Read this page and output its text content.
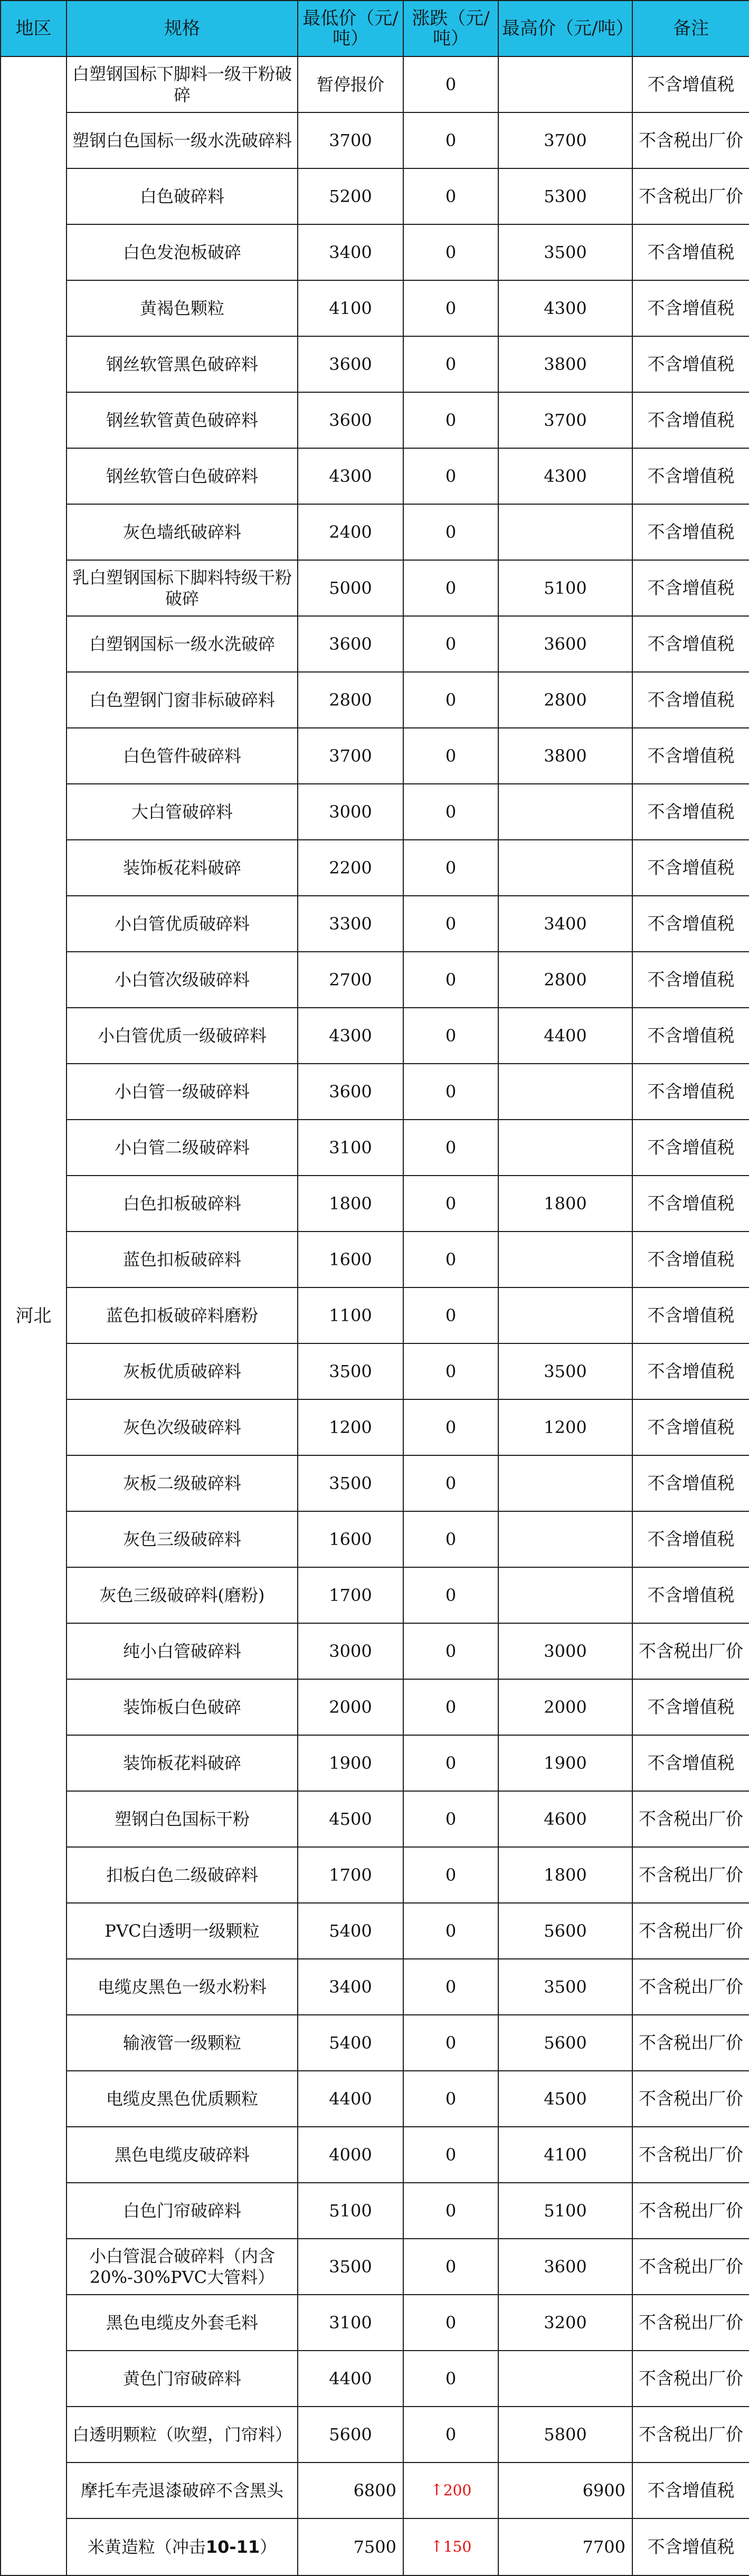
地区	规格	最低价（元/吨）	涨跌（元/吨）	最高价（元/吨）	备注
河北	白塑钢国标下脚料一级干粉破碎	暂停报价	0		不含增值税
	塑钢白色国标一级水洗破碎料	3700	0	3700	不含税出厂价
	白色破碎料	5200	0	5300	不含税出厂价
	白色发泡板破碎	3400	0	3500	不含增值税
	黄褐色颗粒	4100	0	4300	不含增值税
	钢丝软管黑色破碎料	3600	0	3800	不含增值税
	钢丝软管黄色破碎料	3600	0	3700	不含增值税
	钢丝软管白色破碎料	4300	0	4300	不含增值税
	灰色墙纸破碎料	2400	0		不含增值税
	乳白塑钢国标下脚料特级干粉破碎	5000	0	5100	不含增值税
	白塑钢国标一级水洗破碎	3600	0	3600	不含增值税
	白色塑钢门窗非标破碎料	2800	0	2800	不含增值税
	白色管件破碎料	3700	0	3800	不含增值税
	大白管破碎料	3000	0		不含增值税
	装饰板花料破碎	2200	0		不含增值税
	小白管优质破碎料	3300	0	3400	不含增值税
	小白管次级破碎料	2700	0	2800	不含增值税
	小白管优质一级破碎料	4300	0	4400	不含增值税
	小白管一级破碎料	3600	0		不含增值税
	小白管二级破碎料	3100	0		不含增值税
	白色扣板破碎料	1800	0	1800	不含增值税
	蓝色扣板破碎料	1600	0		不含增值税
	蓝色扣板破碎料磨粉	1100	0		不含增值税
	灰板优质破碎料	3500	0	3500	不含增值税
	灰色次级破碎料	1200	0	1200	不含增值税
	灰板二级破碎料	3500	0		不含增值税
	灰色三级破碎料	1600	0		不含增值税
	灰色三级破碎料(磨粉)	1700	0		不含增值税
	纯小白管破碎料	3000	0	3000	不含税出厂价
	装饰板白色破碎	2000	0	2000	不含增值税
	装饰板花料破碎	1900	0	1900	不含增值税
	塑钢白色国标干粉	4500	0	4600	不含税出厂价
	扣板白色二级破碎料	1700	0	1800	不含税出厂价
	PVC白透明一级颗粒	5400	0	5600	不含税出厂价
	电缆皮黑色一级水粉料	3400	0	3500	不含税出厂价
	输液管一级颗粒	5400	0	5600	不含税出厂价
	电缆皮黑色优质颗粒	4400	0	4500	不含税出厂价
	黑色电缆皮破碎料	4000	0	4100	不含税出厂价
	白色门帘破碎料	5100	0	5100	不含税出厂价
	小白管混合破碎料（内含20%-30%PVC大管料）	3500	0	3600	不含税出厂价
	黑色电缆皮外套毛料	3100	0	3200	不含税出厂价
	黄色门帘破碎料	4400	0		不含税出厂价
	白透明颗粒（吹塑，门帘料）	5600	0	5800	不含税出厂价
	摩托车壳退漆破碎不含黑头	6800	↑200	6900	不含增值税
	米黄造粒（冲击10-11）	7500	↑150	7700	不含增值税
